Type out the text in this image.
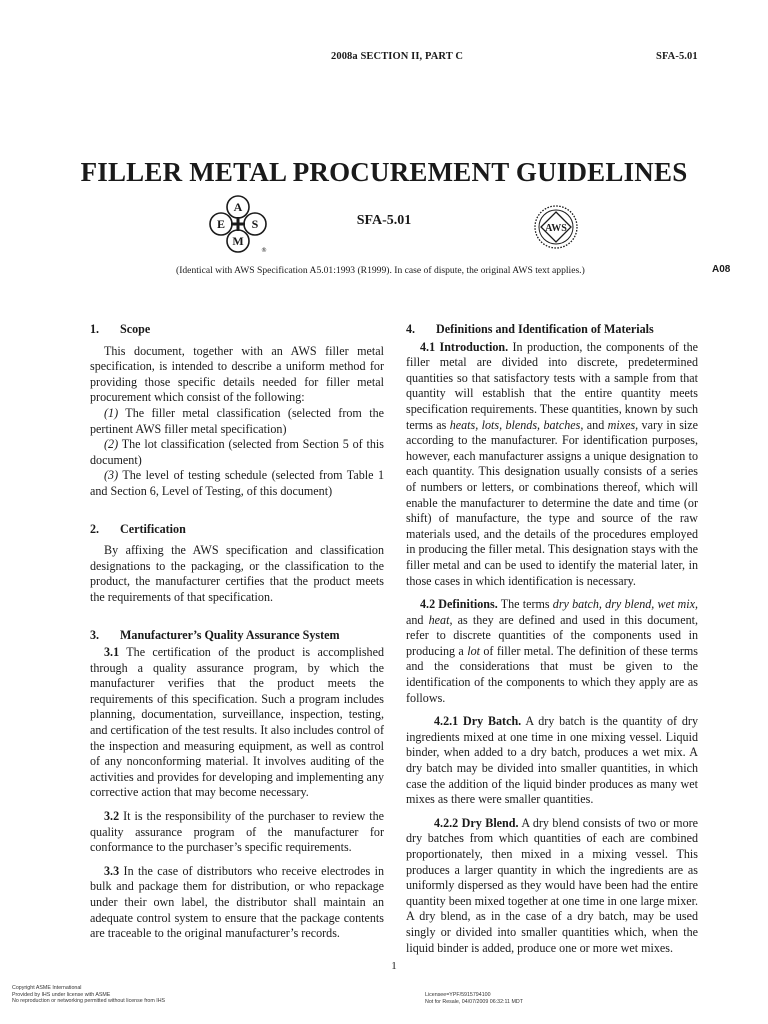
2008a SECTION II, PART C	SFA-5.01
FILLER METAL PROCUREMENT GUIDELINES
A
S
M
E
®
SFA-5.01
AWS
(Identical with AWS Specification A5.01:1993 (R1999). In case of dispute, the original AWS text applies.)	A08

1. Scope

This document, together with an AWS filler metal specification, is intended to describe a uniform method for providing those specific details needed for filler metal procurement which consist of the following:

(1) The filler metal classification (selected from the pertinent AWS filler metal specification)

(2) The lot classification (selected from Section 5 of this document)

(3) The level of testing schedule (selected from Table 1 and Section 6, Level of Testing, of this document)

2. Certification

By affixing the AWS specification and classification designations to the packaging, or the classification to the product, the manufacturer certifies that the product meets the requirements of that specification.

3. Manufacturer’s Quality Assurance System

3.1 The certification of the product is accomplished through a quality assurance program, by which the manufacturer verifies that the product meets the requirements of this specification. Such a program includes planning, documentation, surveillance, inspection, testing, and certification of the test results. It also includes control of the inspection and measuring equipment, as well as control of any nonconforming material. It involves auditing of the activities and provides for developing and implementing any corrective action that may become necessary.

3.2 It is the responsibility of the purchaser to review the quality assurance program of the manufacturer for conformance to the purchaser’s specific requirements.

3.3 In the case of distributors who receive electrodes in bulk and package them for distribution, or who repackage under their own label, the distributor shall maintain an adequate control system to ensure that the package contents are traceable to the original manufacturer’s records.

4. Definitions and Identification of Materials

4.1 Introduction. In production, the components of the filler metal are divided into discrete, predetermined quantities so that satisfactory tests with a sample from that quantity will establish that the entire quantity meets specification requirements. These quantities, known by such terms as heats, lots, blends, batches, and mixes, vary in size according to the manufacturer. For identification purposes, however, each manufacturer assigns a unique designation to each quantity. This designation usually consists of a series of numbers or letters, or combinations thereof, which will enable the manufacturer to determine the date and time (or shift) of manufacture, the type and source of the raw materials used, and the details of the procedures employed in producing the filler metal. This designation stays with the filler metal and can be used to identify the material later, in those cases in which identification is necessary.

4.2 Definitions. The terms dry batch, dry blend, wet mix, and heat, as they are defined and used in this document, refer to discrete quantities of the components used in producing a lot of filler metal. The definition of these terms and the considerations that must be given to the identification of the components to which they apply are as follows.

4.2.1 Dry Batch. A dry batch is the quantity of dry ingredients mixed at one time in one mixing vessel. Liquid binder, when added to a dry batch, produces a wet mix. A dry batch may be divided into smaller quantities, in which case the addition of the liquid binder produces as many wet mixes as there were smaller quantities.

4.2.2 Dry Blend. A dry blend consists of two or more dry batches from which quantities of each are combined proportionately, then mixed in a mixing vessel. This produces a larger quantity in which the ingredients are as uniformly dispersed as they would have been had the entire quantity been mixed together at one time in one large mixer. A dry blend, as in the case of a dry batch, may be used singly or divided into smaller quantities which, when the liquid binder is added, produce one or more wet mixes.

1
Copyright ASME International
Provided by IHS under license with ASME
No reproduction or networking permitted without license from IHS
Licensee=YPF/5915794100
Not for Resale, 04/07/2009 06:32:11 MDT
